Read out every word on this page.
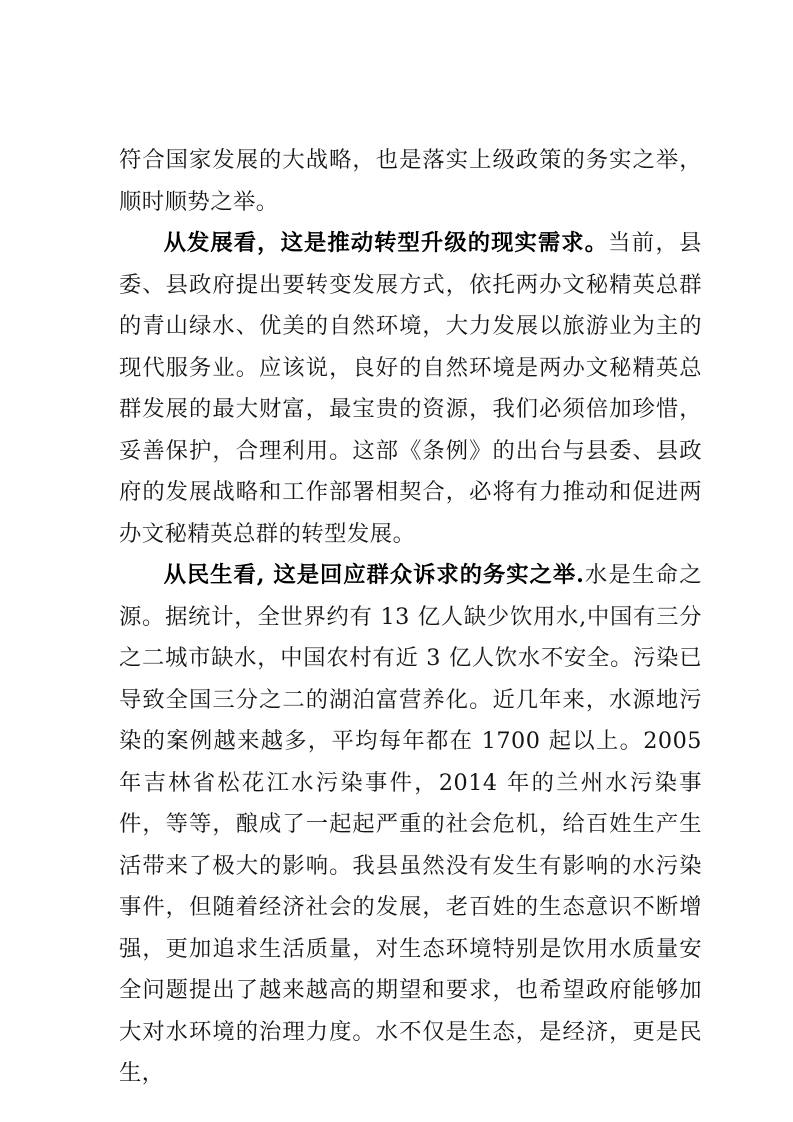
符合国家发展的大战略，也是落实上级政策的务实之举，顺时顺势之举。

从发展看，这是推动转型升级的现实需求。当前，县委、县政府提出要转变发展方式，依托两办文秘精英总群的青山绿水、优美的自然环境，大力发展以旅游业为主的现代服务业。应该说，良好的自然环境是两办文秘精英总群发展的最大财富，最宝贵的资源，我们必须倍加珍惜，妥善保护，合理利用。这部《条例》的出台与县委、县政府的发展战略和工作部署相契合，必将有力推动和促进两办文秘精英总群的转型发展。

从民生看, 这是回应群众诉求的务实之举.水是生命之源。据统计，全世界约有 13 亿人缺少饮用水,中国有三分之二城市缺水，中国农村有近 3 亿人饮水不安全。污染已导致全国三分之二的湖泊富营养化。近几年来，水源地污染的案例越来越多，平均每年都在 1700 起以上。2005 年吉林省松花江水污染事件，2014 年的兰州水污染事件，等等，酿成了一起起严重的社会危机，给百姓生产生活带来了极大的影响。我县虽然没有发生有影响的水污染事件，但随着经济社会的发展，老百姓的生态意识不断增强，更加追求生活质量，对生态环境特别是饮用水质量安全问题提出了越来越高的期望和要求，也希望政府能够加大对水环境的治理力度。水不仅是生态，是经济，更是民生，
